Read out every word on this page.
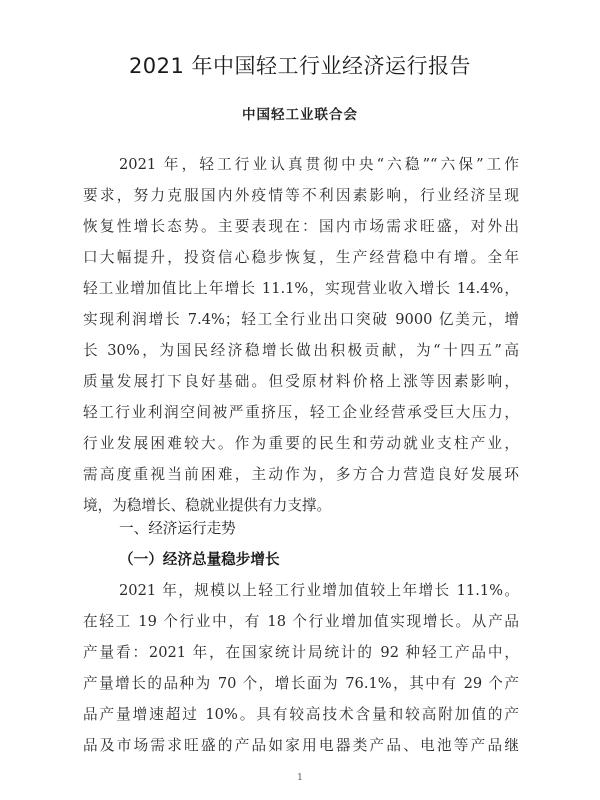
2021 年中国轻工行业经济运行报告
中国轻工业联合会
2021 年，轻工行业认真贯彻中央“六稳”“六保”工作
要求，努力克服国内外疫情等不利因素影响，行业经济呈现
恢复性增长态势。主要表现在：国内市场需求旺盛，对外出
口大幅提升，投资信心稳步恢复，生产经营稳中有增。全年
轻工业增加值比上年增长 11.1%，实现营业收入增长 14.4%，
实现利润增长 7.4%；轻工全行业出口突破 9000 亿美元，增
长 30%，为国民经济稳增长做出积极贡献，为“十四五”高
质量发展打下良好基础。但受原材料价格上涨等因素影响，
轻工行业利润空间被严重挤压，轻工企业经营承受巨大压力，
行业发展困难较大。作为重要的民生和劳动就业支柱产业，
需高度重视当前困难，主动作为，多方合力营造良好发展环
境，为稳增长、稳就业提供有力支撑。
一、经济运行走势
（一）经济总量稳步增长
2021 年，规模以上轻工行业增加值较上年增长 11.1%。
在轻工 19 个行业中，有 18 个行业增加值实现增长。从产品
产量看：2021 年，在国家统计局统计的 92 种轻工产品中，
产量增长的品种为 70 个，增长面为 76.1%，其中有 29 个产
品产量增速超过 10%。具有较高技术含量和较高附加值的产
品及市场需求旺盛的产品如家用电器类产品、电池等产品继
1
